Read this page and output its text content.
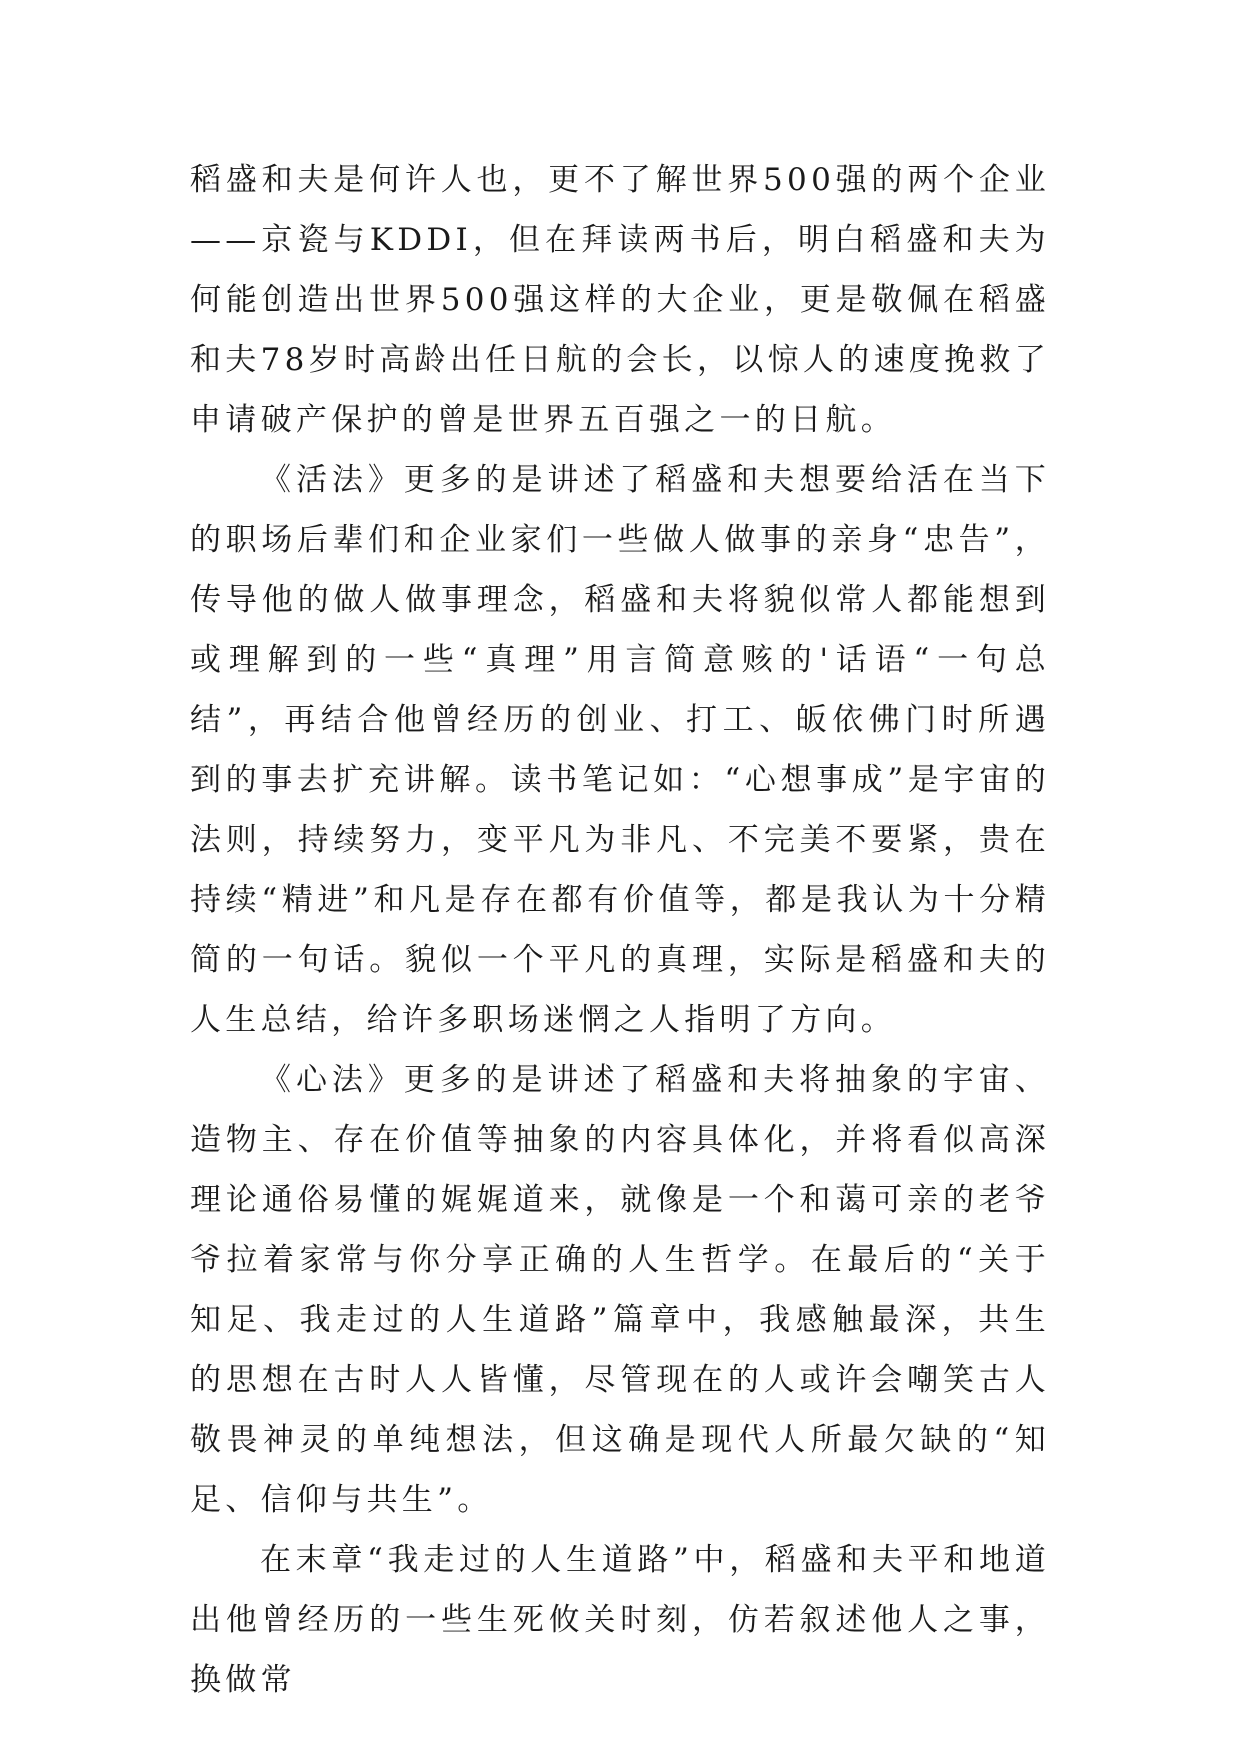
稻盛和夫是何许人也，更不了解世界500强的两个企业——京瓷与KDDI，但在拜读两书后，明白稻盛和夫为何能创造出世界500强这样的大企业，更是敬佩在稻盛和夫78岁时高龄出任日航的会长，以惊人的速度挽救了申请破产保护的曾是世界五百强之一的日航。

《活法》更多的是讲述了稻盛和夫想要给活在当下的职场后辈们和企业家们一些做人做事的亲身“忠告”，传导他的做人做事理念，稻盛和夫将貌似常人都能想到或理解到的一些“真理”用言简意赅的'话语“一句总结”，再结合他曾经历的创业、打工、皈依佛门时所遇到的事去扩充讲解。读书笔记如：“心想事成”是宇宙的法则，持续努力，变平凡为非凡、不完美不要紧，贵在持续“精进”和凡是存在都有价值等，都是我认为十分精简的一句话。貌似一个平凡的真理，实际是稻盛和夫的人生总结，给许多职场迷惘之人指明了方向。

《心法》更多的是讲述了稻盛和夫将抽象的宇宙、造物主、存在价值等抽象的内容具体化，并将看似高深理论通俗易懂的娓娓道来，就像是一个和蔼可亲的老爷爷拉着家常与你分享正确的人生哲学。在最后的“关于知足、我走过的人生道路”篇章中，我感触最深，共生的思想在古时人人皆懂，尽管现在的人或许会嘲笑古人敬畏神灵的单纯想法，但这确是现代人所最欠缺的“知足、信仰与共生”。

在末章“我走过的人生道路”中，稻盛和夫平和地道出他曾经历的一些生死攸关时刻，仿若叙述他人之事，换做常
